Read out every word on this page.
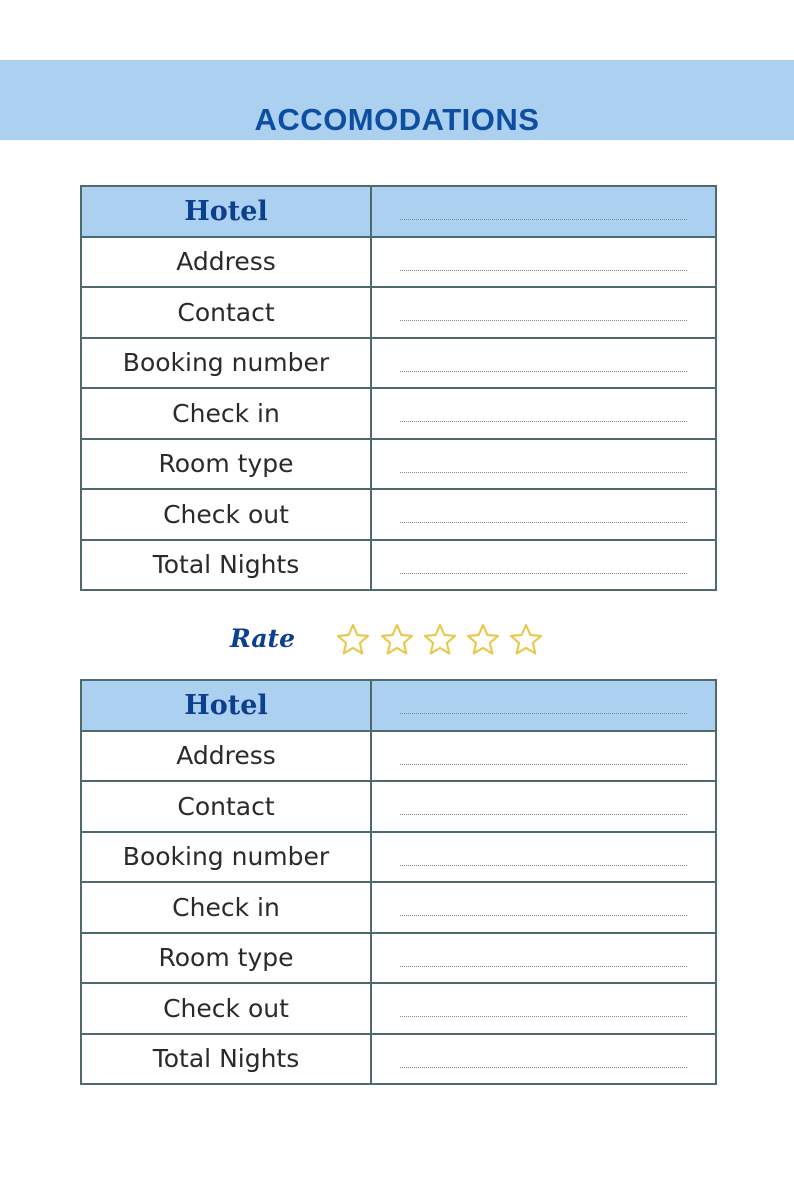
ACCOMODATIONS
Hotel	

Address	

Contact	

Booking number	

Check in	

Room type	

Check out	

Total Nights	
Rate
Hotel	

Address	

Contact	

Booking number	

Check in	

Room type	

Check out	

Total Nights	
